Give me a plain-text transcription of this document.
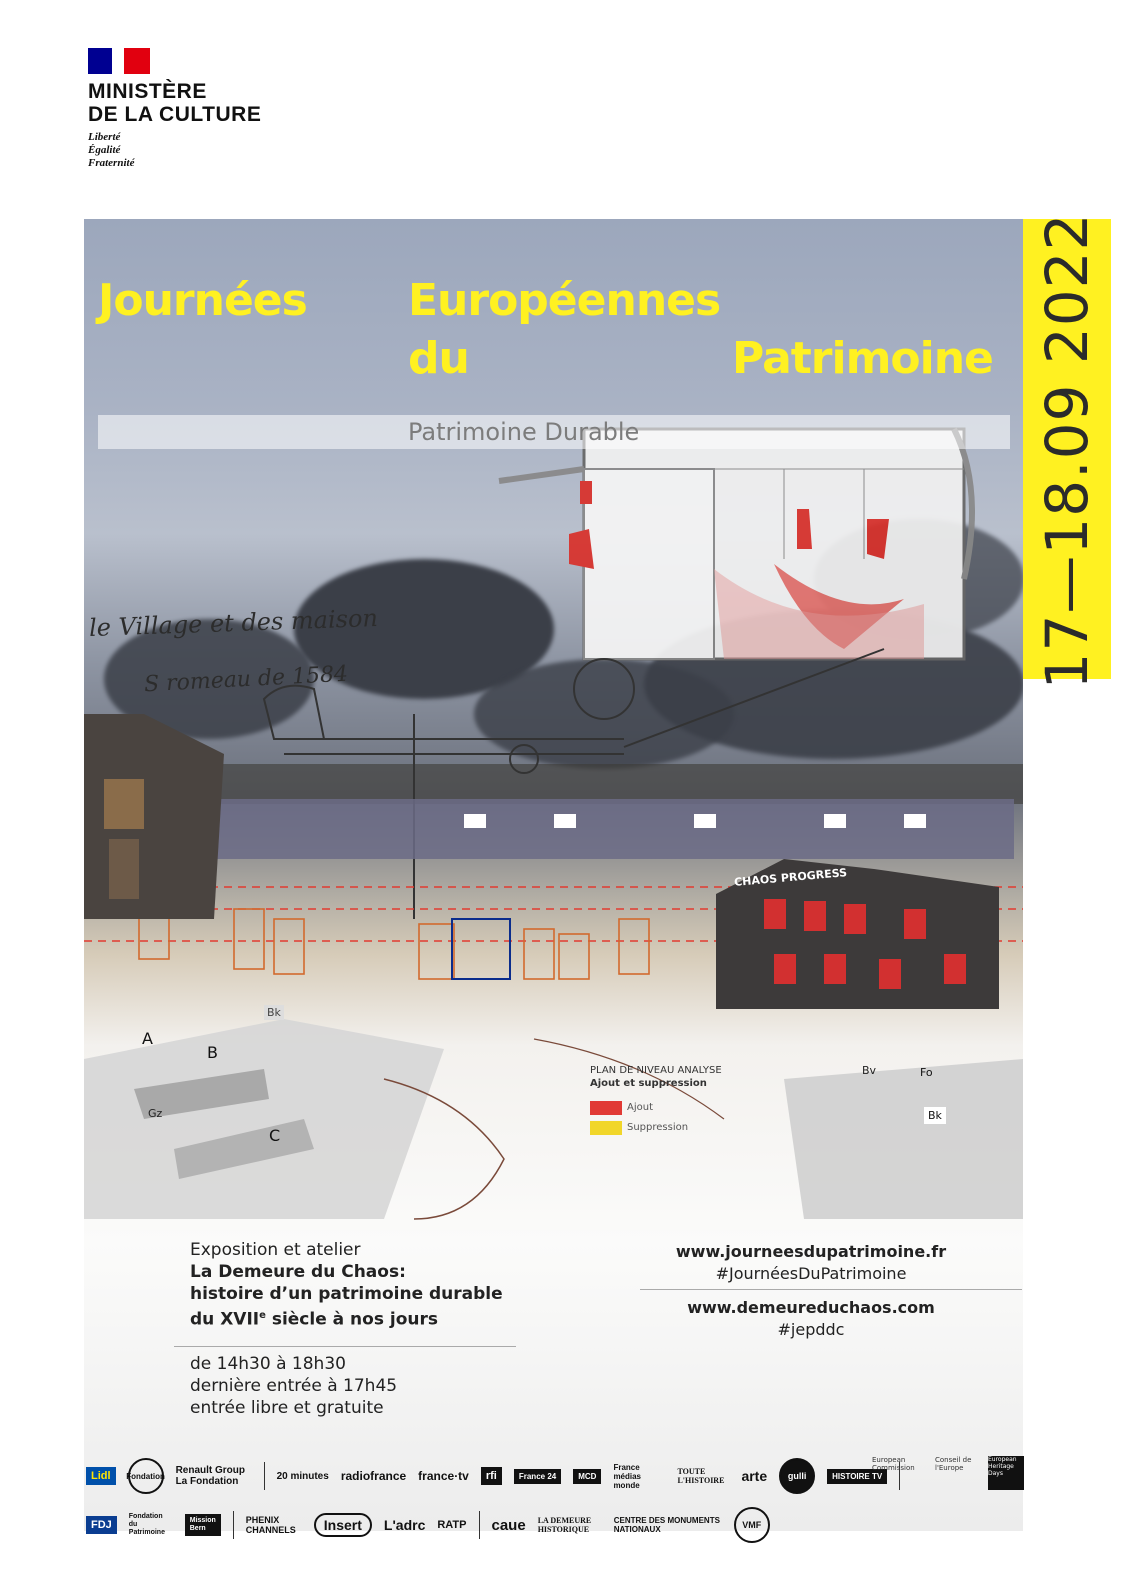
MINISTÈRE
DE LA CULTURE
Liberté
Égalité
Fraternité
le Village et des maison
S romeau de 1584
CHAOS PROGRESS
PLAN DE NIVEAU ANALYSE
Ajout et suppression
Ajout
Suppression
A
B
C
Bk
Fo
Bv
Gz	Bk
Journées Européennes
du	Patrimoine
Patrimoine Durable	17—18.09 2022
Exposition et atelier
La Demeure du Chaos:
histoire d’un patrimoine durable
du XVIIe siècle à nos jours
de 14h30 à 18h30
dernière entrée à 17h45
entrée libre et gratuite
www.journeesdupatrimoine.fr
#JournéesDuPatrimoine
www.demeureduchaos.com
#jepddc
Lidl	Fondation Renault Group La Fondation	20 minutes radiofrance france·tv	rfi	France 24	MCD
France médias monde
TOUTE L'HISTOIRE	arte	gulli	HISTOIRE TV
European Commission
Conseil de l'Europe
European Heritage Days
FDJ
Fondation du Patrimoine
Mission Bern
PHENIX CHANNELS	Insert	L'adrc RATP caue LA DEMEURE HISTORIQUE
CENTRE DES MONUMENTS NATIONAUX	VMF
